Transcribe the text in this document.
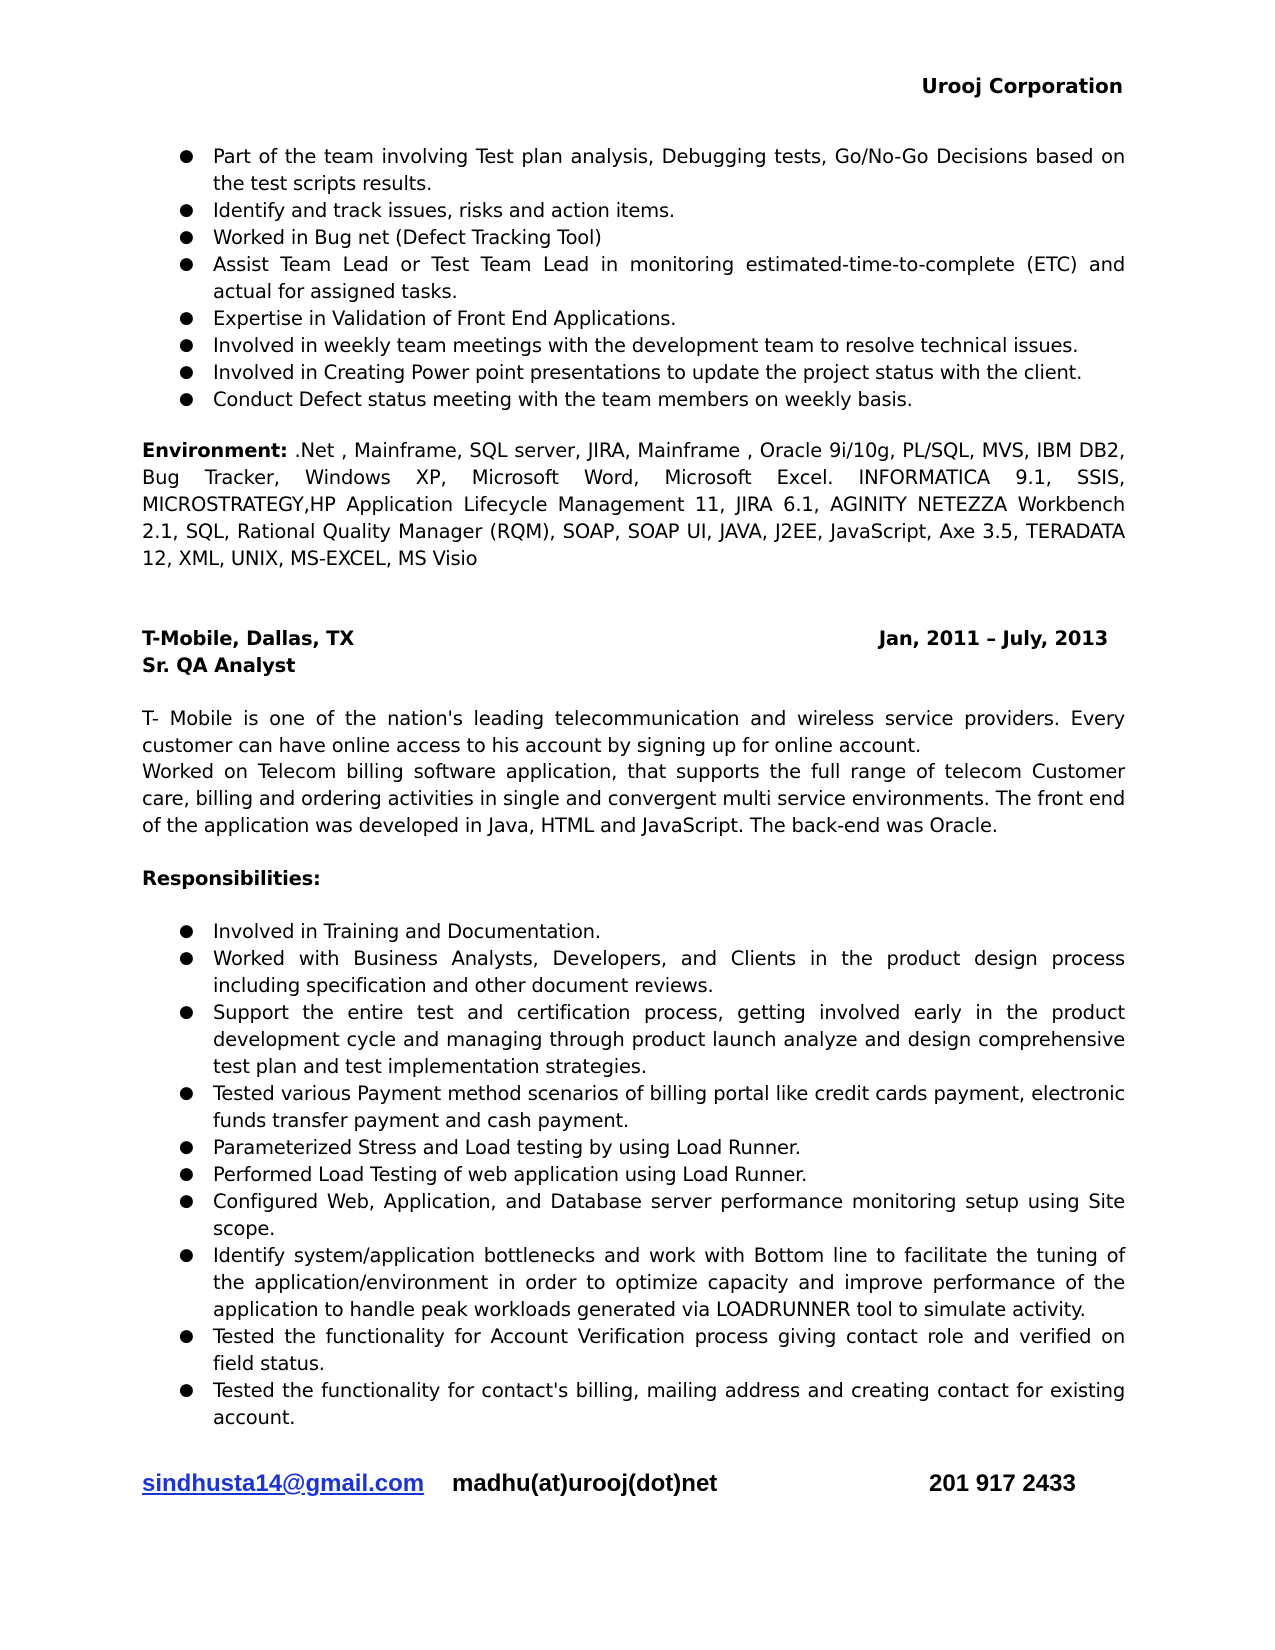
Urooj Corporation
● Part of the team involving Test plan analysis, Debugging tests, Go/No-Go Decisions based on the test scripts results.
● Identify and track issues, risks and action items.
● Worked in Bug net (Defect Tracking Tool)
● Assist Team Lead or Test Team Lead in monitoring estimated-time-to-complete (ETC) and actual for assigned tasks.
● Expertise in Validation of Front End Applications.
● Involved in weekly team meetings with the development team to resolve technical issues.
● Involved in Creating Power point presentations to update the project status with the client.
● Conduct Defect status meeting with the team members on weekly basis.

Environment: .Net , Mainframe, SQL server, JIRA, Mainframe , Oracle 9i/10g, PL/SQL, MVS, IBM DB2, Bug Tracker, Windows XP, Microsoft Word, Microsoft Excel. INFORMATICA 9.1, SSIS, MICROSTRATEGY,HP Application Lifecycle Management 11, JIRA 6.1, AGINITY NETEZZA Workbench 2.1, SQL, Rational Quality Manager (RQM), SOAP, SOAP UI, JAVA, J2EE, JavaScript, Axe 3.5, TERADATA 12, XML, UNIX, MS-EXCEL, MS Visio

T-Mobile, Dallas, TX	Jan, 2011 – July, 2013
Sr. QA Analyst

T- Mobile is one of the nation's leading telecommunication and wireless service providers. Every customer can have online access to his account by signing up for online account.

Worked on Telecom billing software application, that supports the full range of telecom Customer care, billing and ordering activities in single and convergent multi service environments. The front end of the application was developed in Java, HTML and JavaScript. The back-end was Oracle.

Responsibilities:
● Involved in Training and Documentation.
● Worked with Business Analysts, Developers, and Clients in the product design process including specification and other document reviews.
● Support the entire test and certification process, getting involved early in the product development cycle and managing through product launch analyze and design comprehensive test plan and test implementation strategies.
● Tested various Payment method scenarios of billing portal like credit cards payment, electronic funds transfer payment and cash payment.
● Parameterized Stress and Load testing by using Load Runner.
● Performed Load Testing of web application using Load Runner.
● Configured Web, Application, and Database server performance monitoring setup using Site scope.
● Identify system/application bottlenecks and work with Bottom line to facilitate the tuning of the application/environment in order to optimize capacity and improve performance of the application to handle peak workloads generated via LOADRUNNER tool to simulate activity.
● Tested the functionality for Account Verification process giving contact role and verified on field status.
● Tested the functionality for contact's billing, mailing address and creating contact for existing account.
sindhusta14@gmail.com madhu(at)urooj(dot)net	201 917 2433
